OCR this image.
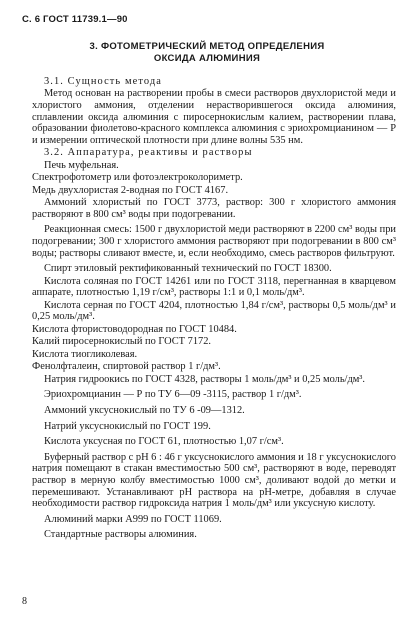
С. 6 ГОСТ 11739.1—90
3. ФОТОМЕТРИЧЕСКИЙ МЕТОД ОПРЕДЕЛЕНИЯ
ОКСИДА АЛЮМИНИЯ

3.1. Сущность метода

Метод основан на растворении пробы в смеси растворов двухлористой меди и хлористого аммония, отделении нерастворившегося оксида алюминия, сплавлении оксида алюминия с пиросернокислым калием, растворении плава, образовании фиолетово-красного комплекса алюминия с эриохромцианином — Р и измерении оптической плотности при длине волны 535 нм.

3.2. Аппаратура, реактивы и растворы

Печь муфельная.

Спектрофотометр или фотоэлектроколориметр.

Медь двухлористая 2-водная по ГОСТ 4167.

Аммоний хлористый по ГОСТ 3773, раствор: 300 г хлористого аммония растворяют в 800 см³ воды при подогревании.

Реакционная смесь: 1500 г двухлористой меди растворяют в 2200 см³ воды при подогревании; 300 г хлористого аммония растворяют при подогревании в 800 см³ воды; растворы сливают вместе, и, если необходимо, смесь растворов фильтруют.

Спирт этиловый ректификованный технический по ГОСТ 18300.

Кислота соляная по ГОСТ 14261 или по ГОСТ 3118, перегнанная в кварцевом аппарате, плотностью 1,19 г/см³, растворы 1:1 и 0,1 моль/дм³.

Кислота серная по ГОСТ 4204, плотностью 1,84 г/см³, растворы 0,5 моль/дм³ и 0,25 моль/дм³.

Кислота фтористоводородная по ГОСТ 10484.

Калий пиросернокислый по ГОСТ 7172.

Кислота тиогликолевая.

Фенолфталеин, спиртовой раствор 1 г/дм³.

Натрия гидроокись по ГОСТ 4328, растворы 1 моль/дм³ и 0,25 моль/дм³.

Эриохромцианин — Р по ТУ 6—09 -3115, раствор 1 г/дм³.

Аммоний уксуснокислый по ТУ 6 -09—1312.

Натрий уксуснокислый по ГОСТ 199.

Кислота уксусная по ГОСТ 61, плотностью 1,07 г/см³.

Буферный раствор с рН 6 : 46 г уксуснокислого аммония и 18 г уксуснокислого натрия помещают в стакан вместимостью 500 см³, растворяют в воде, переводят раствор в мерную колбу вместимостью 1000 см³, доливают водой до метки и перемешивают. Устанавливают рН раствора на рН-метре, добавляя в случае необходимости раствор гидроксида натрия 1 моль/дм³ или уксусную кислоту.

Алюминий марки А999 по ГОСТ 11069.

Стандартные растворы алюминия.

8
